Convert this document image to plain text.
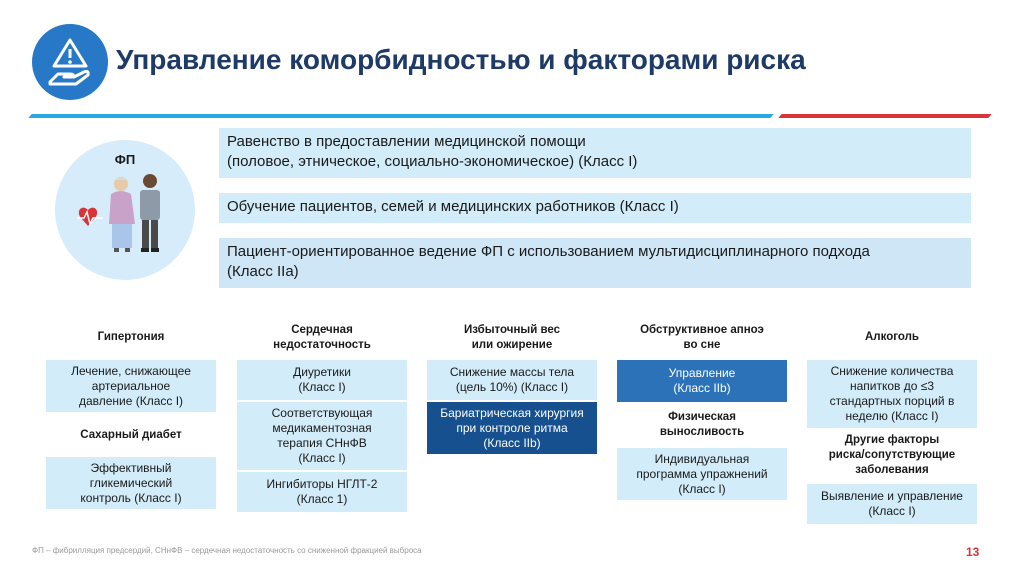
Управление коморбидностью и факторами риска
ФП
Равенство в предоставлении медицинской помощи
(половое, этническое, социально-экономическое) (Класс I)
Обучение пациентов, семей и медицинских работников (Класс I)
Пациент-ориентированное ведение ФП с использованием мультидисциплинарного подхода
(Класс IIa)
Гипертония
Лечение, снижающее
артериальное
давление (Класс I)
Сахарный диабет
Эффективный
гликемический
контроль (Класс I)
Сердечная
недостаточность
Диуретики
(Класс I)
Соответствующая
медикаментозная
терапия СНнФВ
(Класс I)
Ингибиторы НГЛТ-2
(Класс 1)
Избыточный вес
или ожирение
Снижение массы тела
(цель 10%) (Класс I)
Бариатрическая хирургия
при контроле ритма
(Класс IIb)
Обструктивное апноэ
во сне
Управление
(Класс IIb)
Физическая
выносливость
Индивидуальная
программа упражнений
(Класс I)
Алкоголь
Снижение количества
напитков до ≤3
стандартных порций в
неделю (Класс I)
Другие факторы
риска/сопутствующие
заболевания
Выявление и управление
(Класс I)
ФП – фибрилляция предсердий, СНнФВ – сердечная недостаточность со сниженной фракцией выброса	13
